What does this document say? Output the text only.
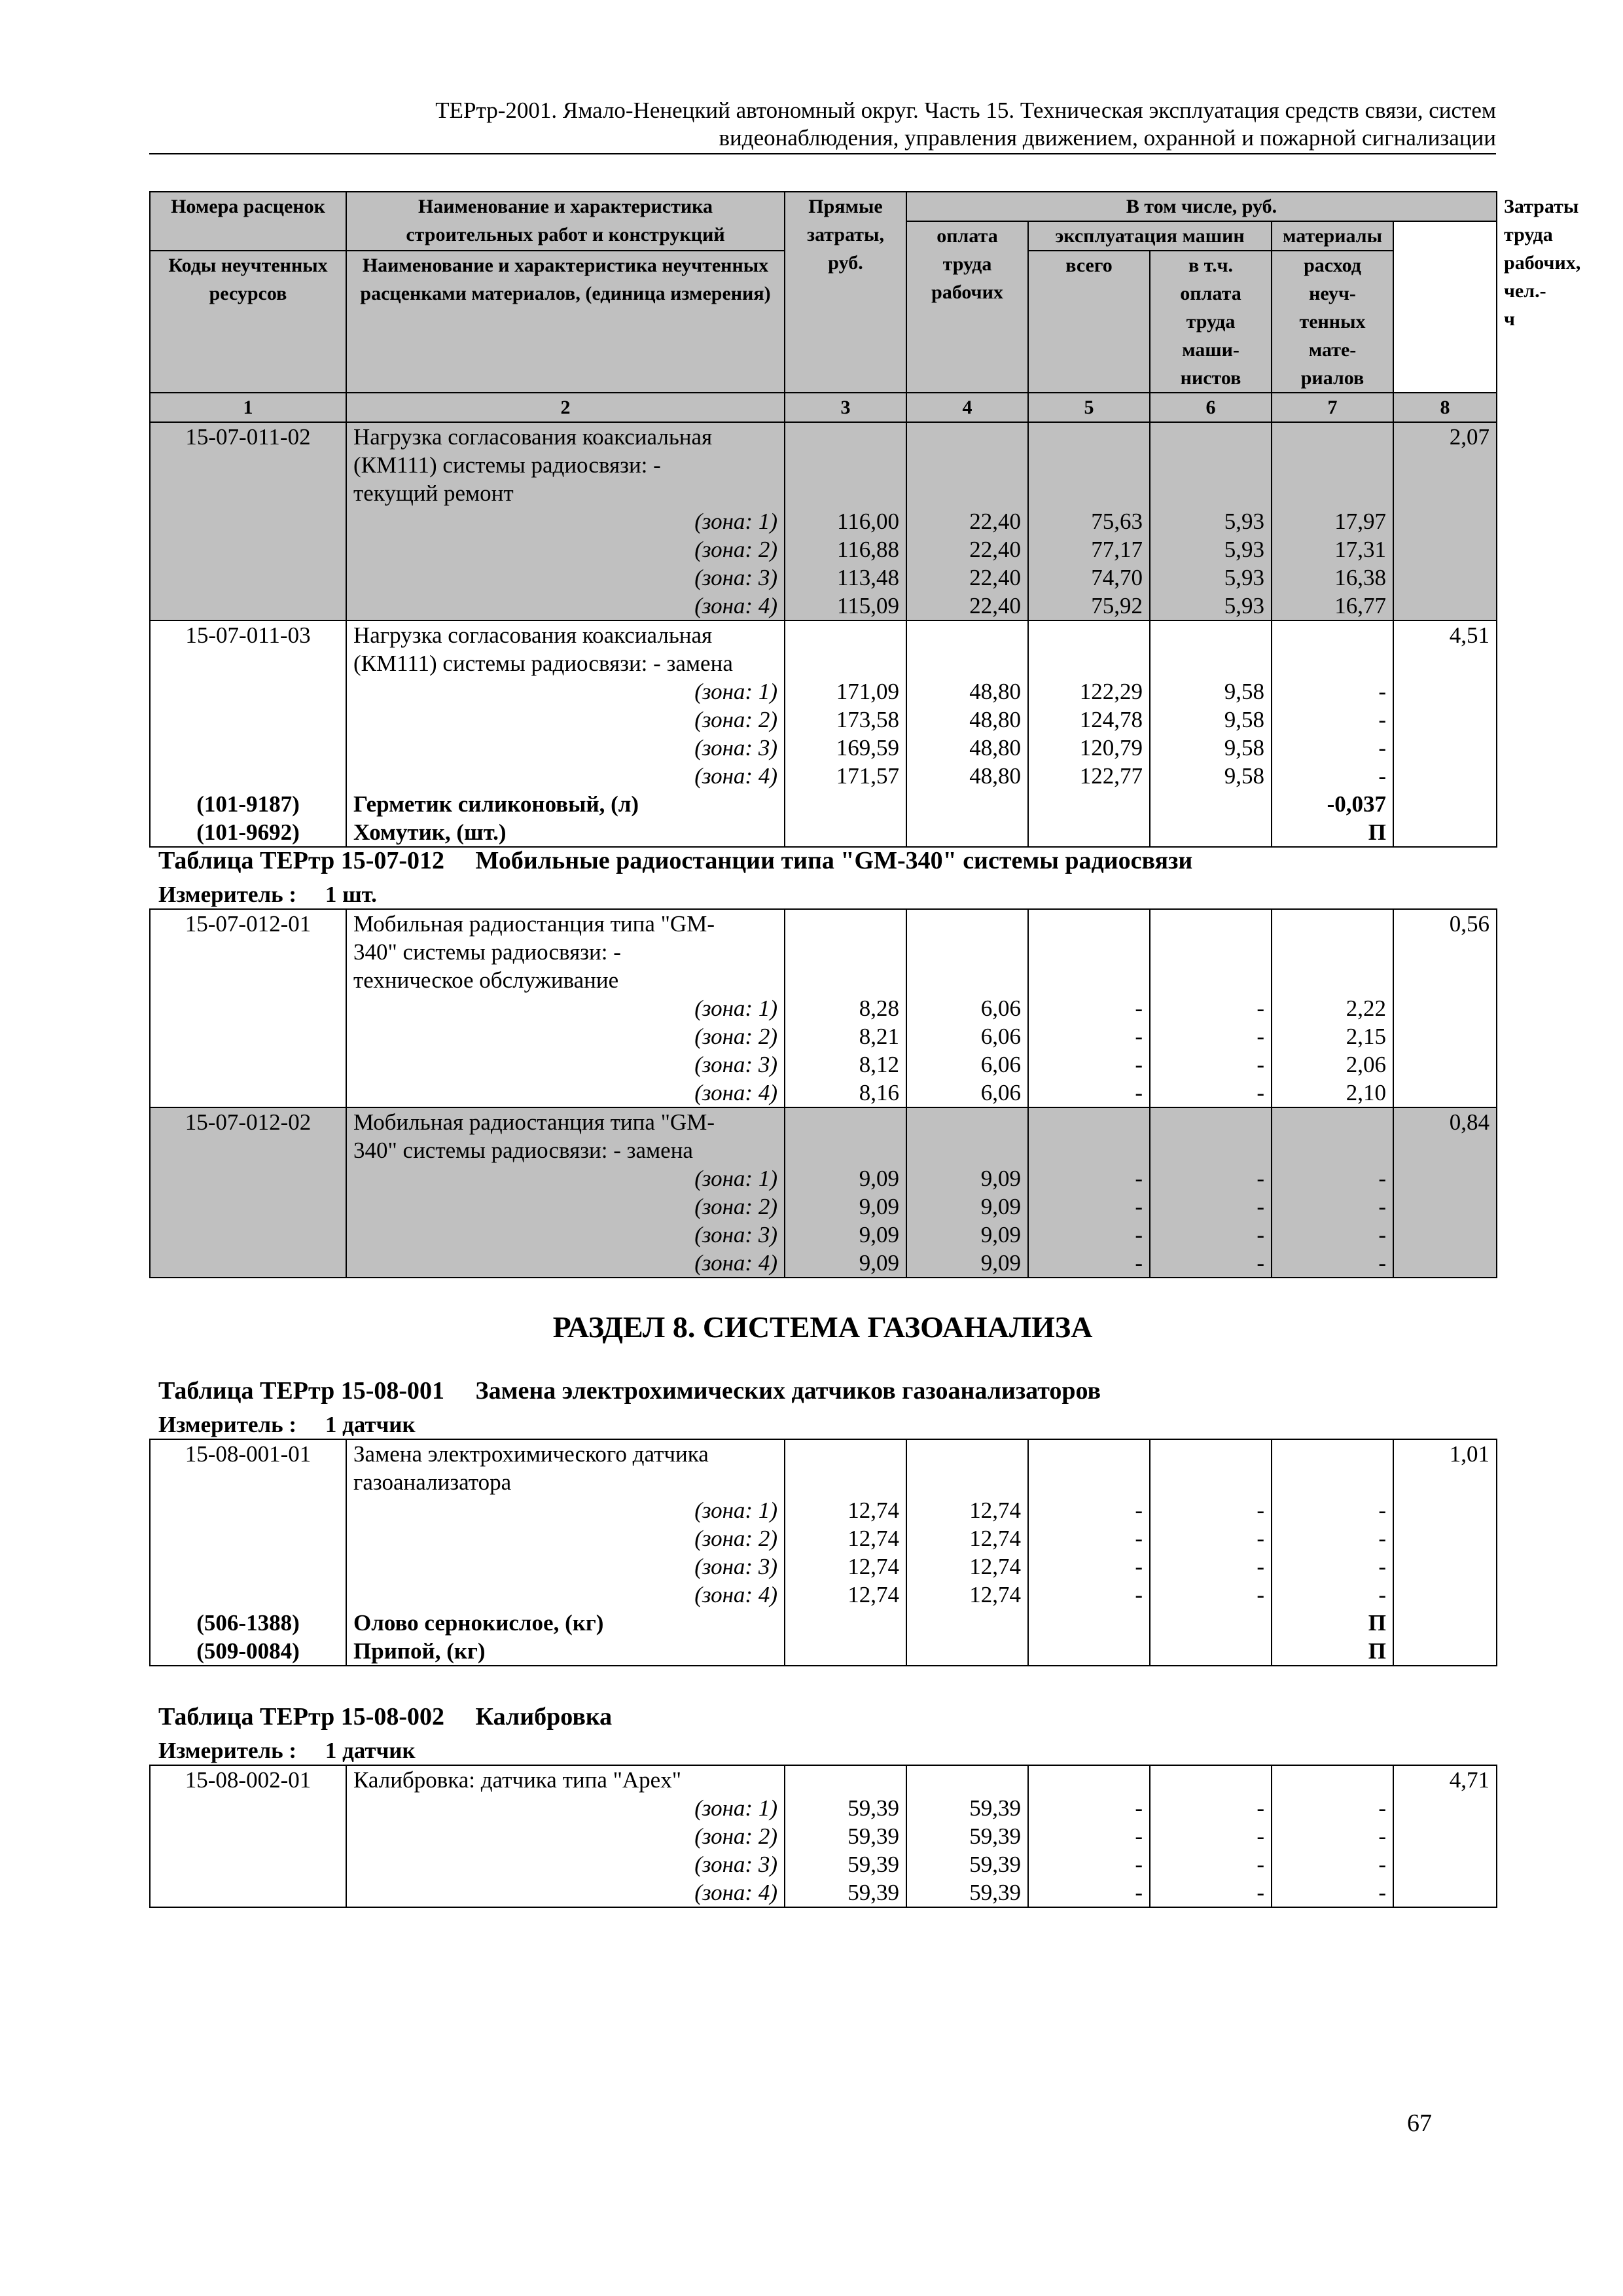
ТЕРтр-2001. Ямало-Ненецкий автономный округ. Часть 15. Техническая эксплуатация средств связи, систем
видеонаблюдения, управления движением, охранной и пожарной сигнализации
Номера расценок	Наименование и характеристика строительных работ и конструкций	Прямые затраты, руб.	В том числе, руб.					Затраты труда рабочих, чел.-ч
			оплата труда рабочих	эксплуатация машин		материалы		
Коды неучтенных ресурсов	Наименование и характеристика неучтенных расценками материалов, (единица измерения)			всего	в т.ч. оплата труда маши-нистов	расход неуч-тенных мате-риалов		

1	2	3	4	5	6	7	8	
15-07-011-02	Нагрузка согласования коаксиальная
(КМ111) системы радиосвязи: -
текущий ремонт						2,07	
	(зона: 1)	116,00	22,40	75,63	5,93	17,97		
	(зона: 2)	116,88	22,40	77,17	5,93	17,31		
	(зона: 3)	113,48	22,40	74,70	5,93	16,38		
	(зона: 4)	115,09	22,40	75,92	5,93	16,77		
15-07-011-03	Нагрузка согласования коаксиальная
(КМ111) системы радиосвязи: - замена						4,51	
	(зона: 1)	171,09	48,80	122,29	9,58	-		
	(зона: 2)	173,58	48,80	124,78	9,58	-		
	(зона: 3)	169,59	48,80	120,79	9,58	-		
	(зона: 4)	171,57	48,80	122,77	9,58	-		
(101-9187)	Герметик силиконовый, (л)					-0,037		
(101-9692)	Хомутик, (шт.)					П		
Таблица ТЕРтр 15-07-012     Мобильные радиостанции типа "GM-340" системы радиосвязи
Измеритель :     1 шт.
15-07-012-01	Мобильная радиостанция типа "GM-
340" системы радиосвязи: -
техническое обслуживание						0,56
	(зона: 1)	8,28	6,06	-	-	2,22	
	(зона: 2)	8,21	6,06	-	-	2,15	
	(зона: 3)	8,12	6,06	-	-	2,06	
	(зона: 4)	8,16	6,06	-	-	2,10	
15-07-012-02	Мобильная радиостанция типа "GM-
340" системы радиосвязи: - замена						0,84
	(зона: 1)	9,09	9,09	-	-	-	
	(зона: 2)	9,09	9,09	-	-	-	
	(зона: 3)	9,09	9,09	-	-	-	
	(зона: 4)	9,09	9,09	-	-	-	
РАЗДЕЛ 8. СИСТЕМА ГАЗОАНАЛИЗА
Таблица ТЕРтр 15-08-001     Замена электрохимических датчиков газоанализаторов
Измеритель :     1 датчик
15-08-001-01	Замена электрохимического датчика
газоанализатора						1,01
	(зона: 1)	12,74	12,74	-	-	-	
	(зона: 2)	12,74	12,74	-	-	-	
	(зона: 3)	12,74	12,74	-	-	-	
	(зона: 4)	12,74	12,74	-	-	-	
(506-1388)	Олово сернокислое, (кг)					П	
(509-0084)	Припой, (кг)					П	
Таблица ТЕРтр 15-08-002     Калибровка
Измеритель :     1 датчик
15-08-002-01	Калибровка: датчика типа "Apex"						4,71
	(зона: 1)	59,39	59,39	-	-	-	
	(зона: 2)	59,39	59,39	-	-	-	
	(зона: 3)	59,39	59,39	-	-	-	
	(зона: 4)	59,39	59,39	-	-	-	
67
